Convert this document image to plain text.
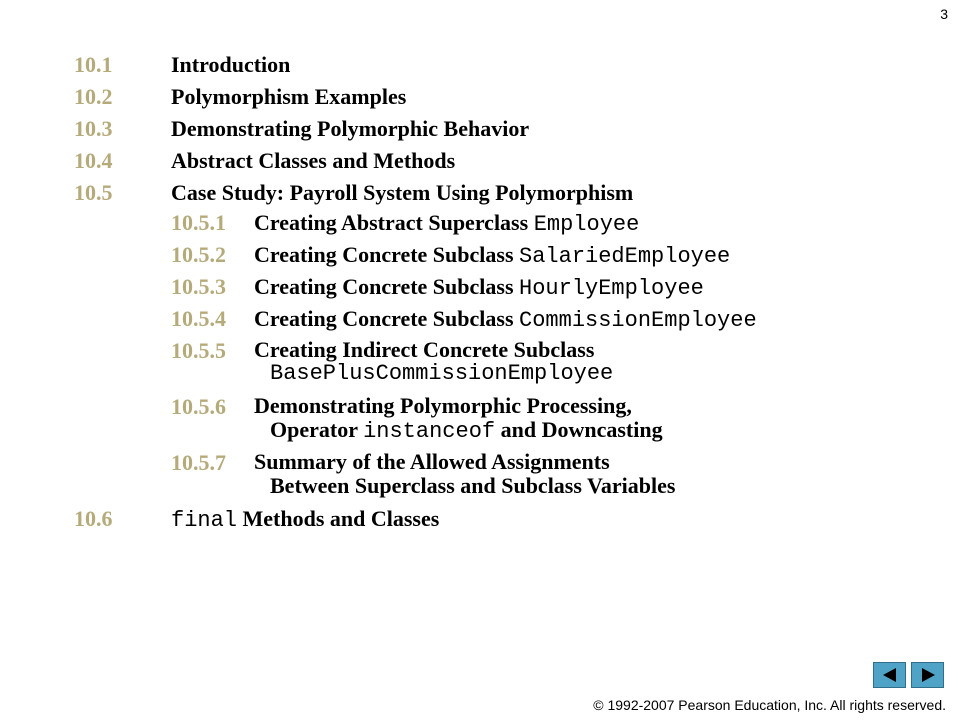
3
10.1	Introduction
10.2	Polymorphism Examples
10.3	Demonstrating Polymorphic Behavior
10.4	Abstract Classes and Methods
10.5	Case Study: Payroll System Using Polymorphism
10.5.1 Creating Abstract Superclass Employee
10.5.2 Creating Concrete Subclass SalariedEmployee
10.5.3 Creating Concrete Subclass HourlyEmployee
10.5.4 Creating Concrete Subclass CommissionEmployee
10.5.5 Creating Indirect Concrete Subclass
BasePlusCommissionEmployee
10.5.6 Demonstrating Polymorphic Processing,
Operator instanceof and Downcasting
10.5.7 Summary of the Allowed Assignments
Between Superclass and Subclass Variables
10.6	final Methods and Classes
© 1992-2007 Pearson Education, Inc. All rights reserved.
